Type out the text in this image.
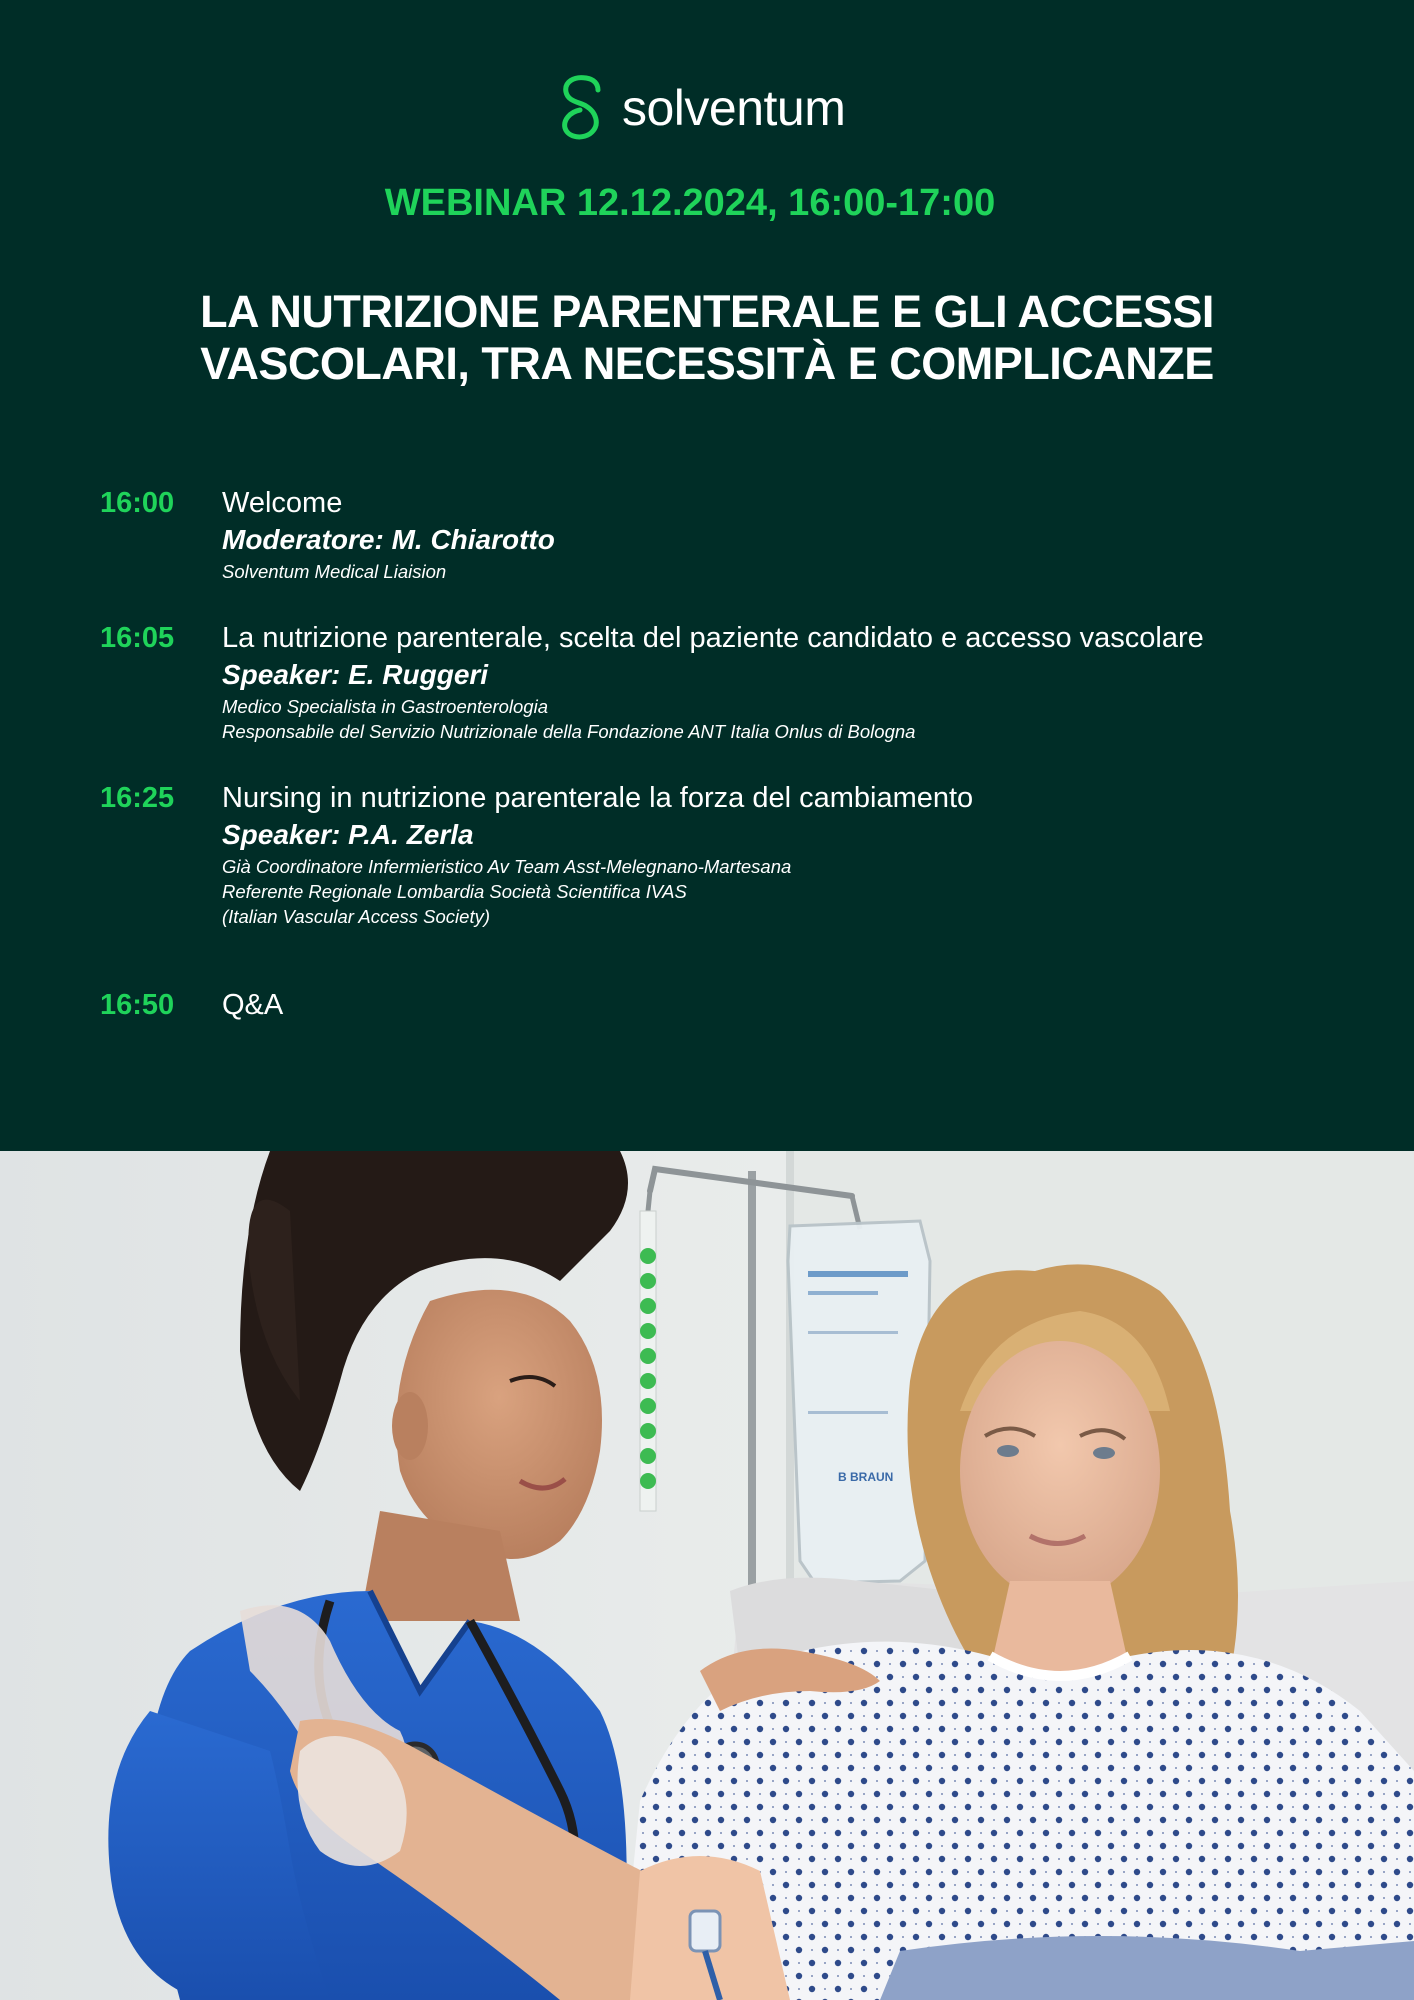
solventum
WEBINAR 12.12.2024, 16:00-17:00
LA NUTRIZIONE PARENTERALE E GLI ACCESSI
VASCOLARI, TRA NECESSITÀ E COMPLICANZE
16:00 Welcome
Moderatore: M. Chiarotto
Solventum Medical Liaision
16:05 La nutrizione parenterale, scelta del paziente candidato e accesso vascolare
Speaker: E. Ruggeri
Medico Specialista in Gastroenterologia
Responsabile del Servizio Nutrizionale della Fondazione ANT Italia Onlus di Bologna
16:25 Nursing in nutrizione parenterale la forza del cambiamento
Speaker: P.A. Zerla
Già Coordinatore Infermieristico Av Team Asst-Melegnano-Martesana
Referente Regionale Lombardia Società Scientifica IVAS
(Italian Vascular Access Society)
16:50 Q&A
B BRAUN
